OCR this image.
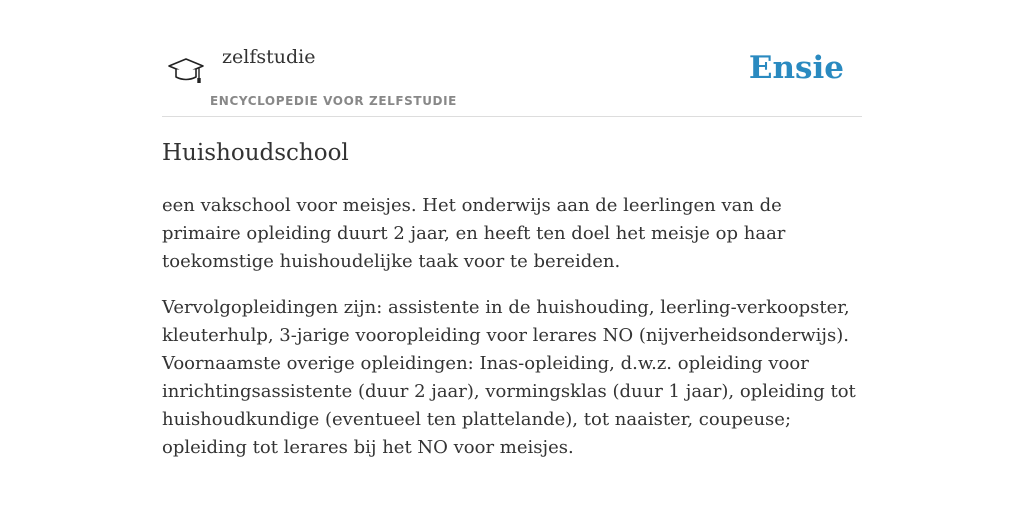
zelfstudie
ENCYCLOPEDIE VOOR ZELFSTUDIE
Ensie
Huishoudschool

een vakschool voor meisjes. Het onderwijs aan de leerlingen van de primaire opleiding duurt 2 jaar, en heeft ten doel het meisje op haar toekomstige huishoudelijke taak voor te bereiden.

Vervolgopleidingen zijn: assistente in de huishouding, leerling-verkoopster, kleuterhulp, 3-jarige vooropleiding voor lerares NO (nijverheidsonderwijs). Voornaamste overige opleidingen: Inas-opleiding, d.w.z. opleiding voor inrichtingsassistente (duur 2 jaar), vormingsklas (duur 1 jaar), opleiding tot huishoudkundige (eventueel ten plattelande), tot naaister, coupeuse; opleiding tot lerares bij het NO voor meisjes.
